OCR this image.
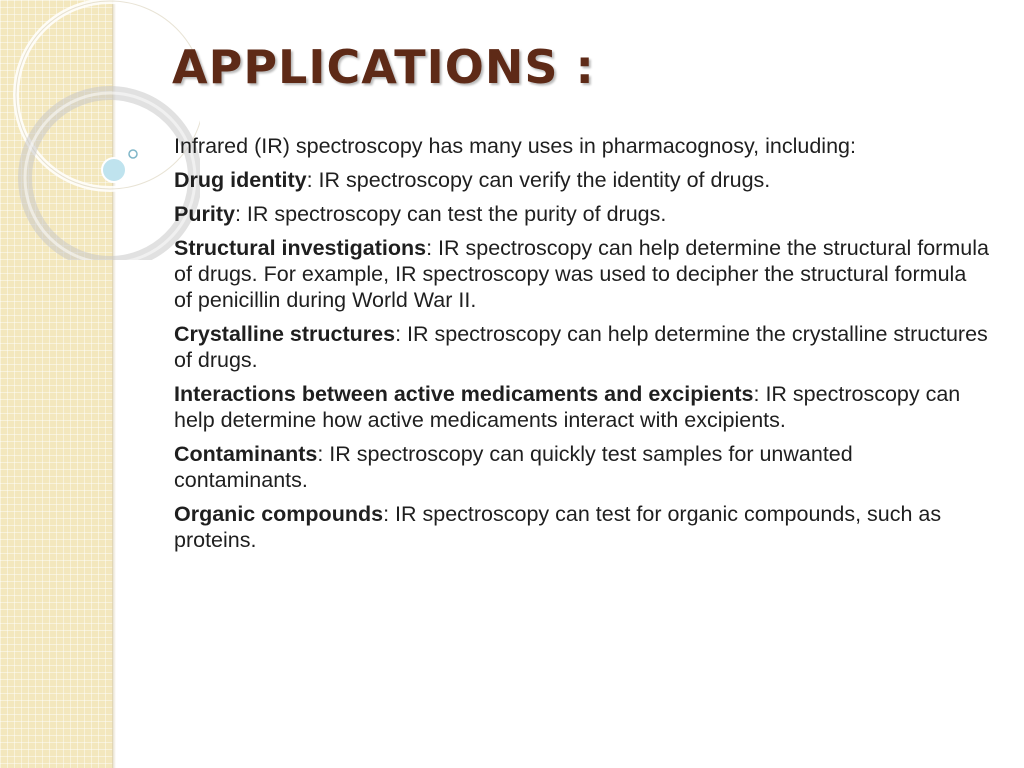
APPLICATIONS :

Infrared (IR) spectroscopy has many uses in pharmacognosy, including:

Drug identity: IR spectroscopy can verify the identity of drugs.

Purity: IR spectroscopy can test the purity of drugs.

Structural investigations: IR spectroscopy can help determine the structural formula of drugs. For example, IR spectroscopy was used to decipher the structural formula of penicillin during World War II.

Crystalline structures: IR spectroscopy can help determine the crystalline structures of drugs.

Interactions between active medicaments and excipients: IR spectroscopy can help determine how active medicaments interact with excipients.

Contaminants: IR spectroscopy can quickly test samples for unwanted contaminants.

Organic compounds: IR spectroscopy can test for organic compounds, such as proteins.
